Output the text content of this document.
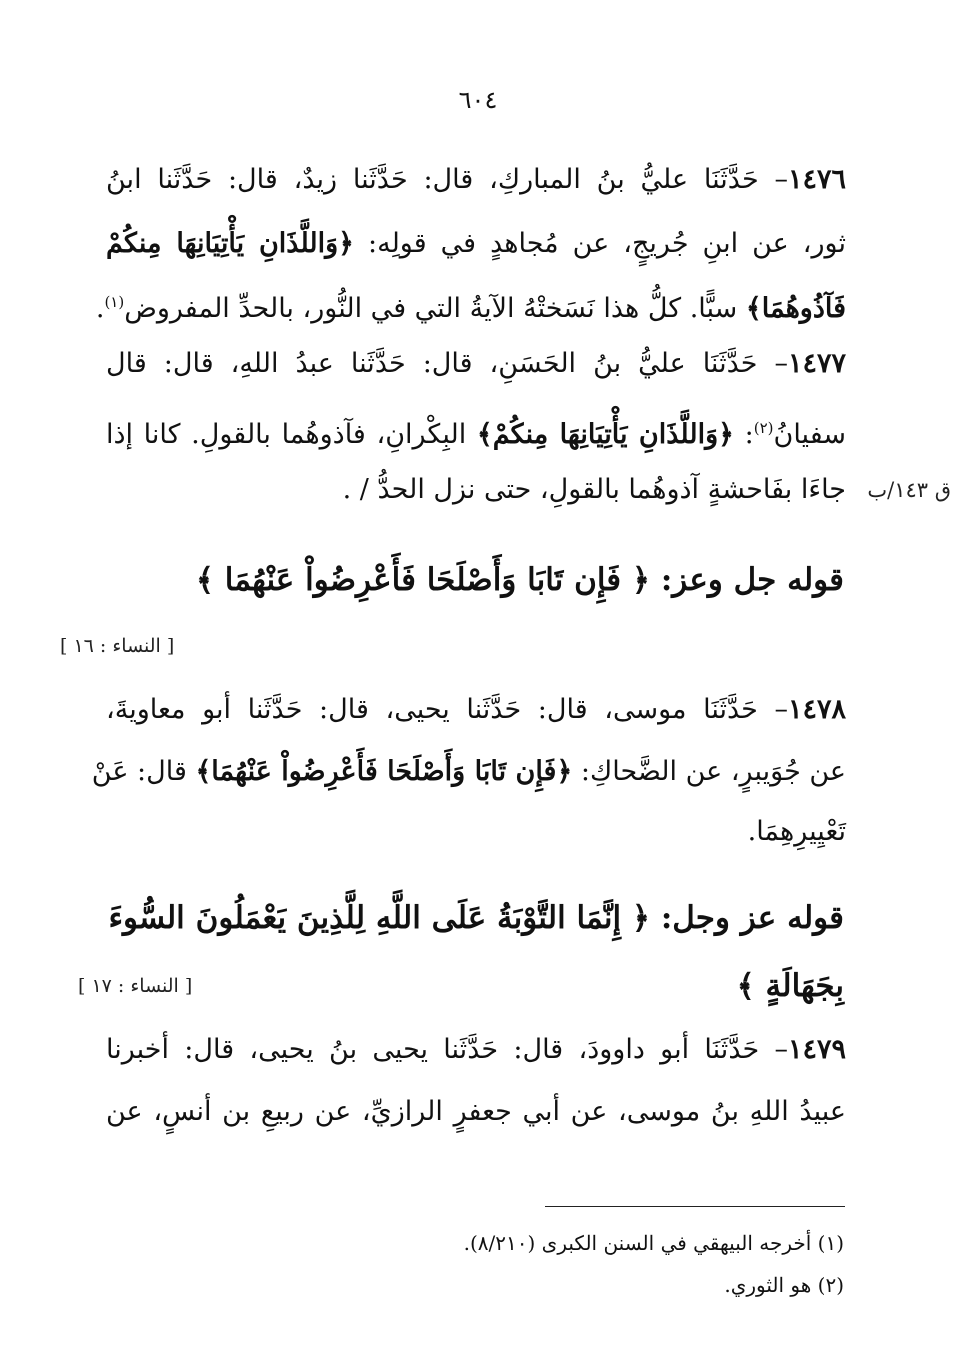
٦٠٤
١٤٧٦– حَدَّثَنَا عليُّ بنُ المباركِ، قال: حَدَّثَنا زيدٌ، قال: حَدَّثَنا ابنُ
ثور، عن ابنِ جُريجٍ، عن مُجاهدٍ في قولِه: ﴿وَاللَّذَانِ يَأْتِيَانِهَا مِنكُمْ
فَآذُوهُمَا﴾ سبًّا. كلُّ هذا نَسَختْهُ الآيةُ التي في النُّور، بالحدِّ المفروض$^{(١)}$.
١٤٧٧– حَدَّثَنَا عليُّ بنُ الحَسَنِ، قال: حَدَّثَنا عبدُ اللهِ، قال: قال
سفيانُ$^{(٢)}$: ﴿وَاللَّذَانِ يَأْتِيَانِهَا مِنكُمْ﴾ البِكْرانِ، فآذوهُما بالقولِ. كانا إذا
جاءَا بفَاحشةٍ آذوهُما بالقولِ، حتى نزل الحدُّ / . ق ١٤٣/ب
قوله جل وعز: ﴿ فَإِن تَابَا وَأَصْلَحَا فَأَعْرِضُواْ عَنْهُمَا ﴾
[ النساء : ١٦ ]
١٤٧٨– حَدَّثَنَا موسى، قال: حَدَّثَنا يحيى، قال: حَدَّثَنا أبو معاويةَ،
عن جُوَيبرٍ، عن الضَّحاكِ: ﴿فَإِن تَابَا وَأَصْلَحَا فَأَعْرِضُواْ عَنْهُمَا﴾ قال: عَنْ
تَعْيِيرِهِمَا.
قوله عز وجل: ﴿ إِنَّمَا التَّوْبَةُ عَلَى اللَّهِ لِلَّذِينَ يَعْمَلُونَ السُّوءَ
بِجَهَالَةٍ ﴾
[ النساء : ١٧ ]
١٤٧٩– حَدَّثَنَا أبو داوودَ، قال: حَدَّثَنا يحيى بنُ يحيى، قال: أخبرنا
عبيدُ اللهِ بنُ موسى، عن أبي جعفرٍ الرازيِّ، عن ربيعِ بن أنسٍ، عن
(١) أخرجه البيهقي في السنن الكبرى (٨/٢١٠).
(٢) هو الثوري.
